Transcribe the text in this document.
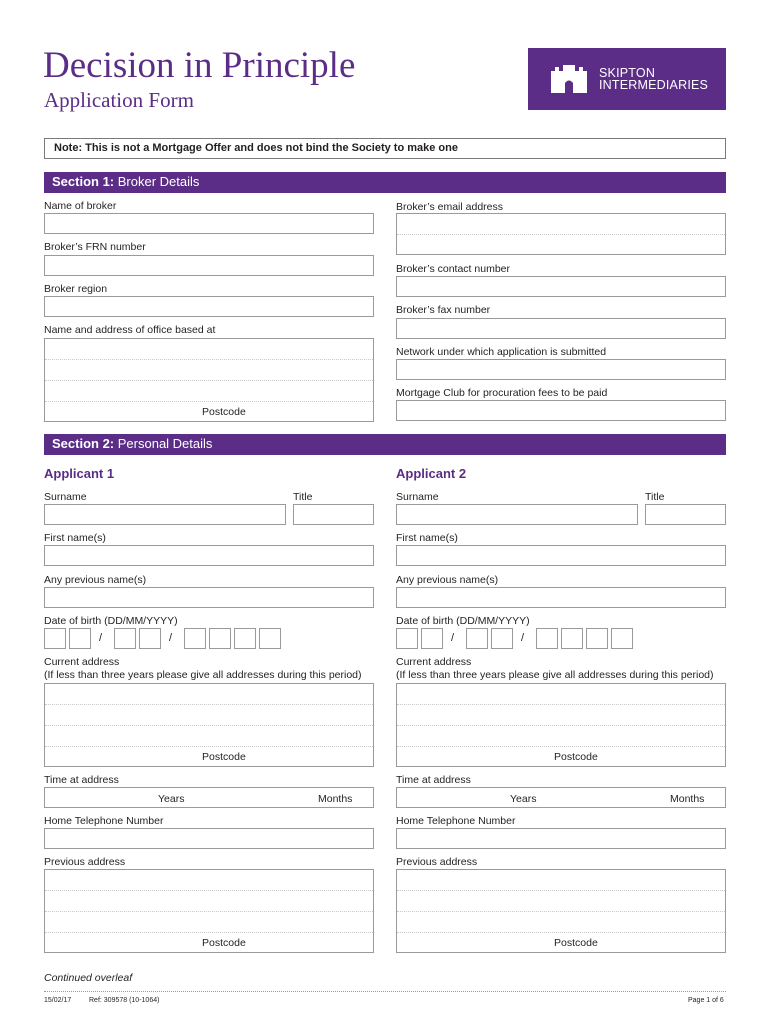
Decision in Principle
Application Form
SKIPTON
INTERMEDIARIES
Note: This is not a Mortgage Offer and does not bind the Society to make one
Section 1: Broker Details
Name of broker
Broker’s FRN number
Broker region
Name and address of office based at
Postcode
Broker’s email address
Broker’s contact number
Broker’s fax number
Network under which application is submitted
Mortgage Club for procuration fees to be paid
Section 2: Personal Details
Applicant 1
Surname	Title
First name(s)
Any previous name(s)
Date of birth (DD/MM/YYYY)
/	/
Current address
(If less than three years please give all addresses during this period)
Postcode
Time at address
Years	Months
Home Telephone Number
Previous address
Postcode
Applicant 2
Surname	Title
First name(s)
Any previous name(s)
Date of birth (DD/MM/YYYY)
/	/
Current address
(If less than three years please give all addresses during this period)
Postcode
Time at address
Years	Months
Home Telephone Number
Previous address
Postcode
Continued overleaf
15/02/17	Ref: 309578 (10-1064)	Page 1 of 6
